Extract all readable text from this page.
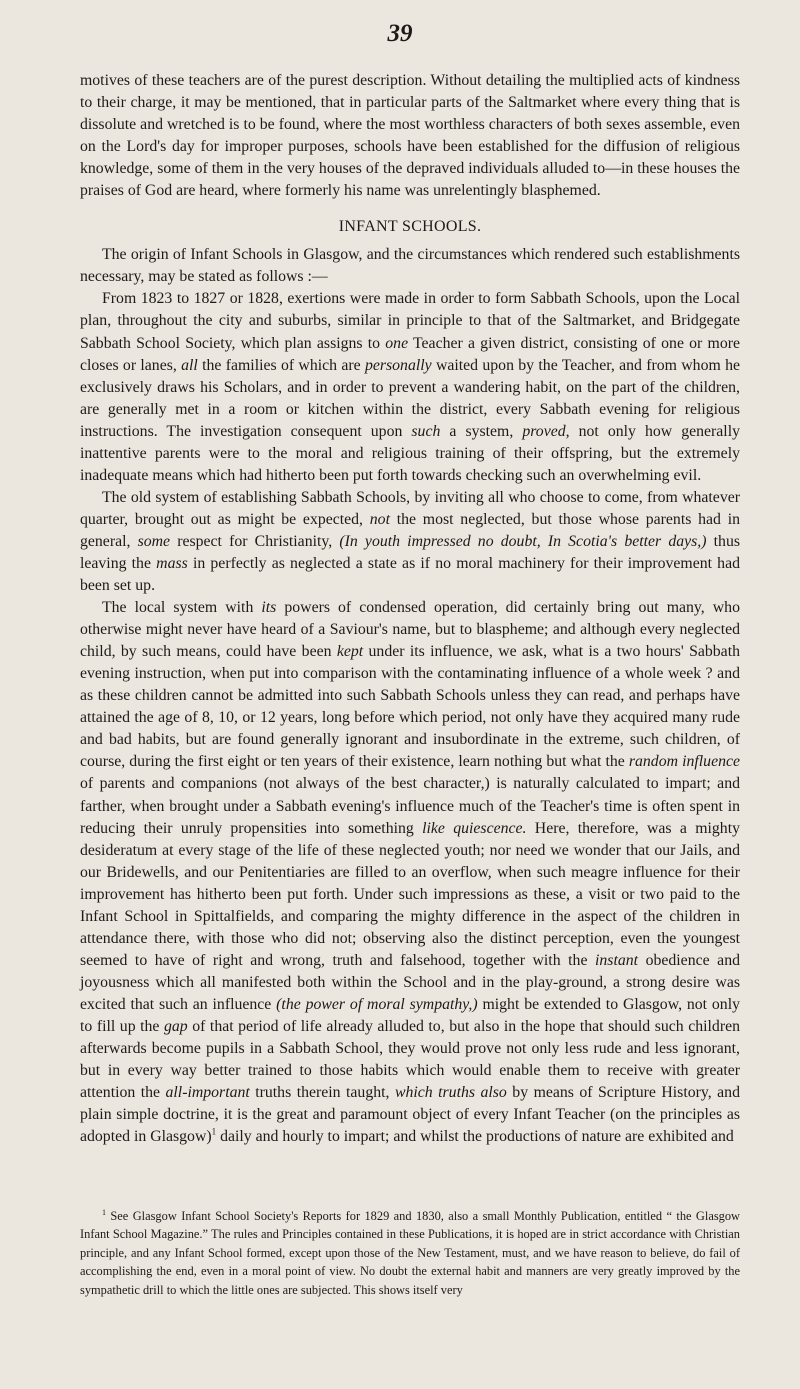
39

motives of these teachers are of the purest description. Without detailing the multiplied acts of kindness to their charge, it may be mentioned, that in particular parts of the Saltmarket where every thing that is dissolute and wretched is to be found, where the most worthless characters of both sexes assemble, even on the Lord's day for improper purposes, schools have been established for the diffusion of religious knowledge, some of them in the very houses of the depraved individuals alluded to—in these houses the praises of God are heard, where formerly his name was unrelentingly blasphemed.

INFANT SCHOOLS.

The origin of Infant Schools in Glasgow, and the circumstances which rendered such establishments necessary, may be stated as follows :—

From 1823 to 1827 or 1828, exertions were made in order to form Sabbath Schools, upon the Local plan, throughout the city and suburbs, similar in principle to that of the Saltmarket, and Bridgegate Sabbath School Society, which plan assigns to one Teacher a given district, consisting of one or more closes or lanes, all the families of which are personally waited upon by the Teacher, and from whom he exclusively draws his Scholars, and in order to prevent a wandering habit, on the part of the children, are generally met in a room or kitchen within the district, every Sabbath evening for religious instructions. The investigation consequent upon such a system, proved, not only how generally inattentive parents were to the moral and religious training of their offspring, but the extremely inadequate means which had hitherto been put forth towards checking such an overwhelming evil.

The old system of establishing Sabbath Schools, by inviting all who choose to come, from whatever quarter, brought out as might be expected, not the most neglected, but those whose parents had in general, some respect for Christianity, (In youth impressed no doubt, In Scotia's better days,) thus leaving the mass in perfectly as neglected a state as if no moral machinery for their improvement had been set up.

The local system with its powers of condensed operation, did certainly bring out many, who otherwise might never have heard of a Saviour's name, but to blaspheme; and although every neglected child, by such means, could have been kept under its influence, we ask, what is a two hours' Sabbath evening instruction, when put into comparison with the contaminating influence of a whole week ? and as these children cannot be admitted into such Sabbath Schools unless they can read, and perhaps have attained the age of 8, 10, or 12 years, long before which period, not only have they acquired many rude and bad habits, but are found generally ignorant and insubordinate in the extreme, such children, of course, during the first eight or ten years of their existence, learn nothing but what the random influence of parents and companions (not always of the best character,) is naturally calculated to impart; and farther, when brought under a Sabbath evening's influence much of the Teacher's time is often spent in reducing their unruly propensities into something like quiescence. Here, therefore, was a mighty desideratum at every stage of the life of these neglected youth; nor need we wonder that our Jails, and our Bridewells, and our Penitentiaries are filled to an overflow, when such meagre influence for their improvement has hitherto been put forth. Under such impressions as these, a visit or two paid to the Infant School in Spittalfields, and comparing the mighty difference in the aspect of the children in attendance there, with those who did not; observing also the distinct perception, even the youngest seemed to have of right and wrong, truth and falsehood, together with the instant obedience and joyousness which all manifested both within the School and in the play-ground, a strong desire was excited that such an influence (the power of moral sympathy,) might be extended to Glasgow, not only to fill up the gap of that period of life already alluded to, but also in the hope that should such children afterwards become pupils in a Sabbath School, they would prove not only less rude and less ignorant, but in every way better trained to those habits which would enable them to receive with greater attention the all-important truths therein taught, which truths also by means of Scripture History, and plain simple doctrine, it is the great and paramount object of every Infant Teacher (on the principles as adopted in Glasgow)$^1$ daily and hourly to impart; and whilst the productions of nature are exhibited and

$^1$ See Glasgow Infant School Society's Reports for 1829 and 1830, also a small Monthly Publication, entitled “ the Glasgow Infant School Magazine.” The rules and Principles contained in these Publications, it is hoped are in strict accordance with Christian principle, and any Infant School formed, except upon those of the New Testament, must, and we have reason to believe, do fail of accomplishing the end, even in a moral point of view. No doubt the external habit and manners are very greatly improved by the sympathetic drill to which the little ones are subjected. This shows itself very
